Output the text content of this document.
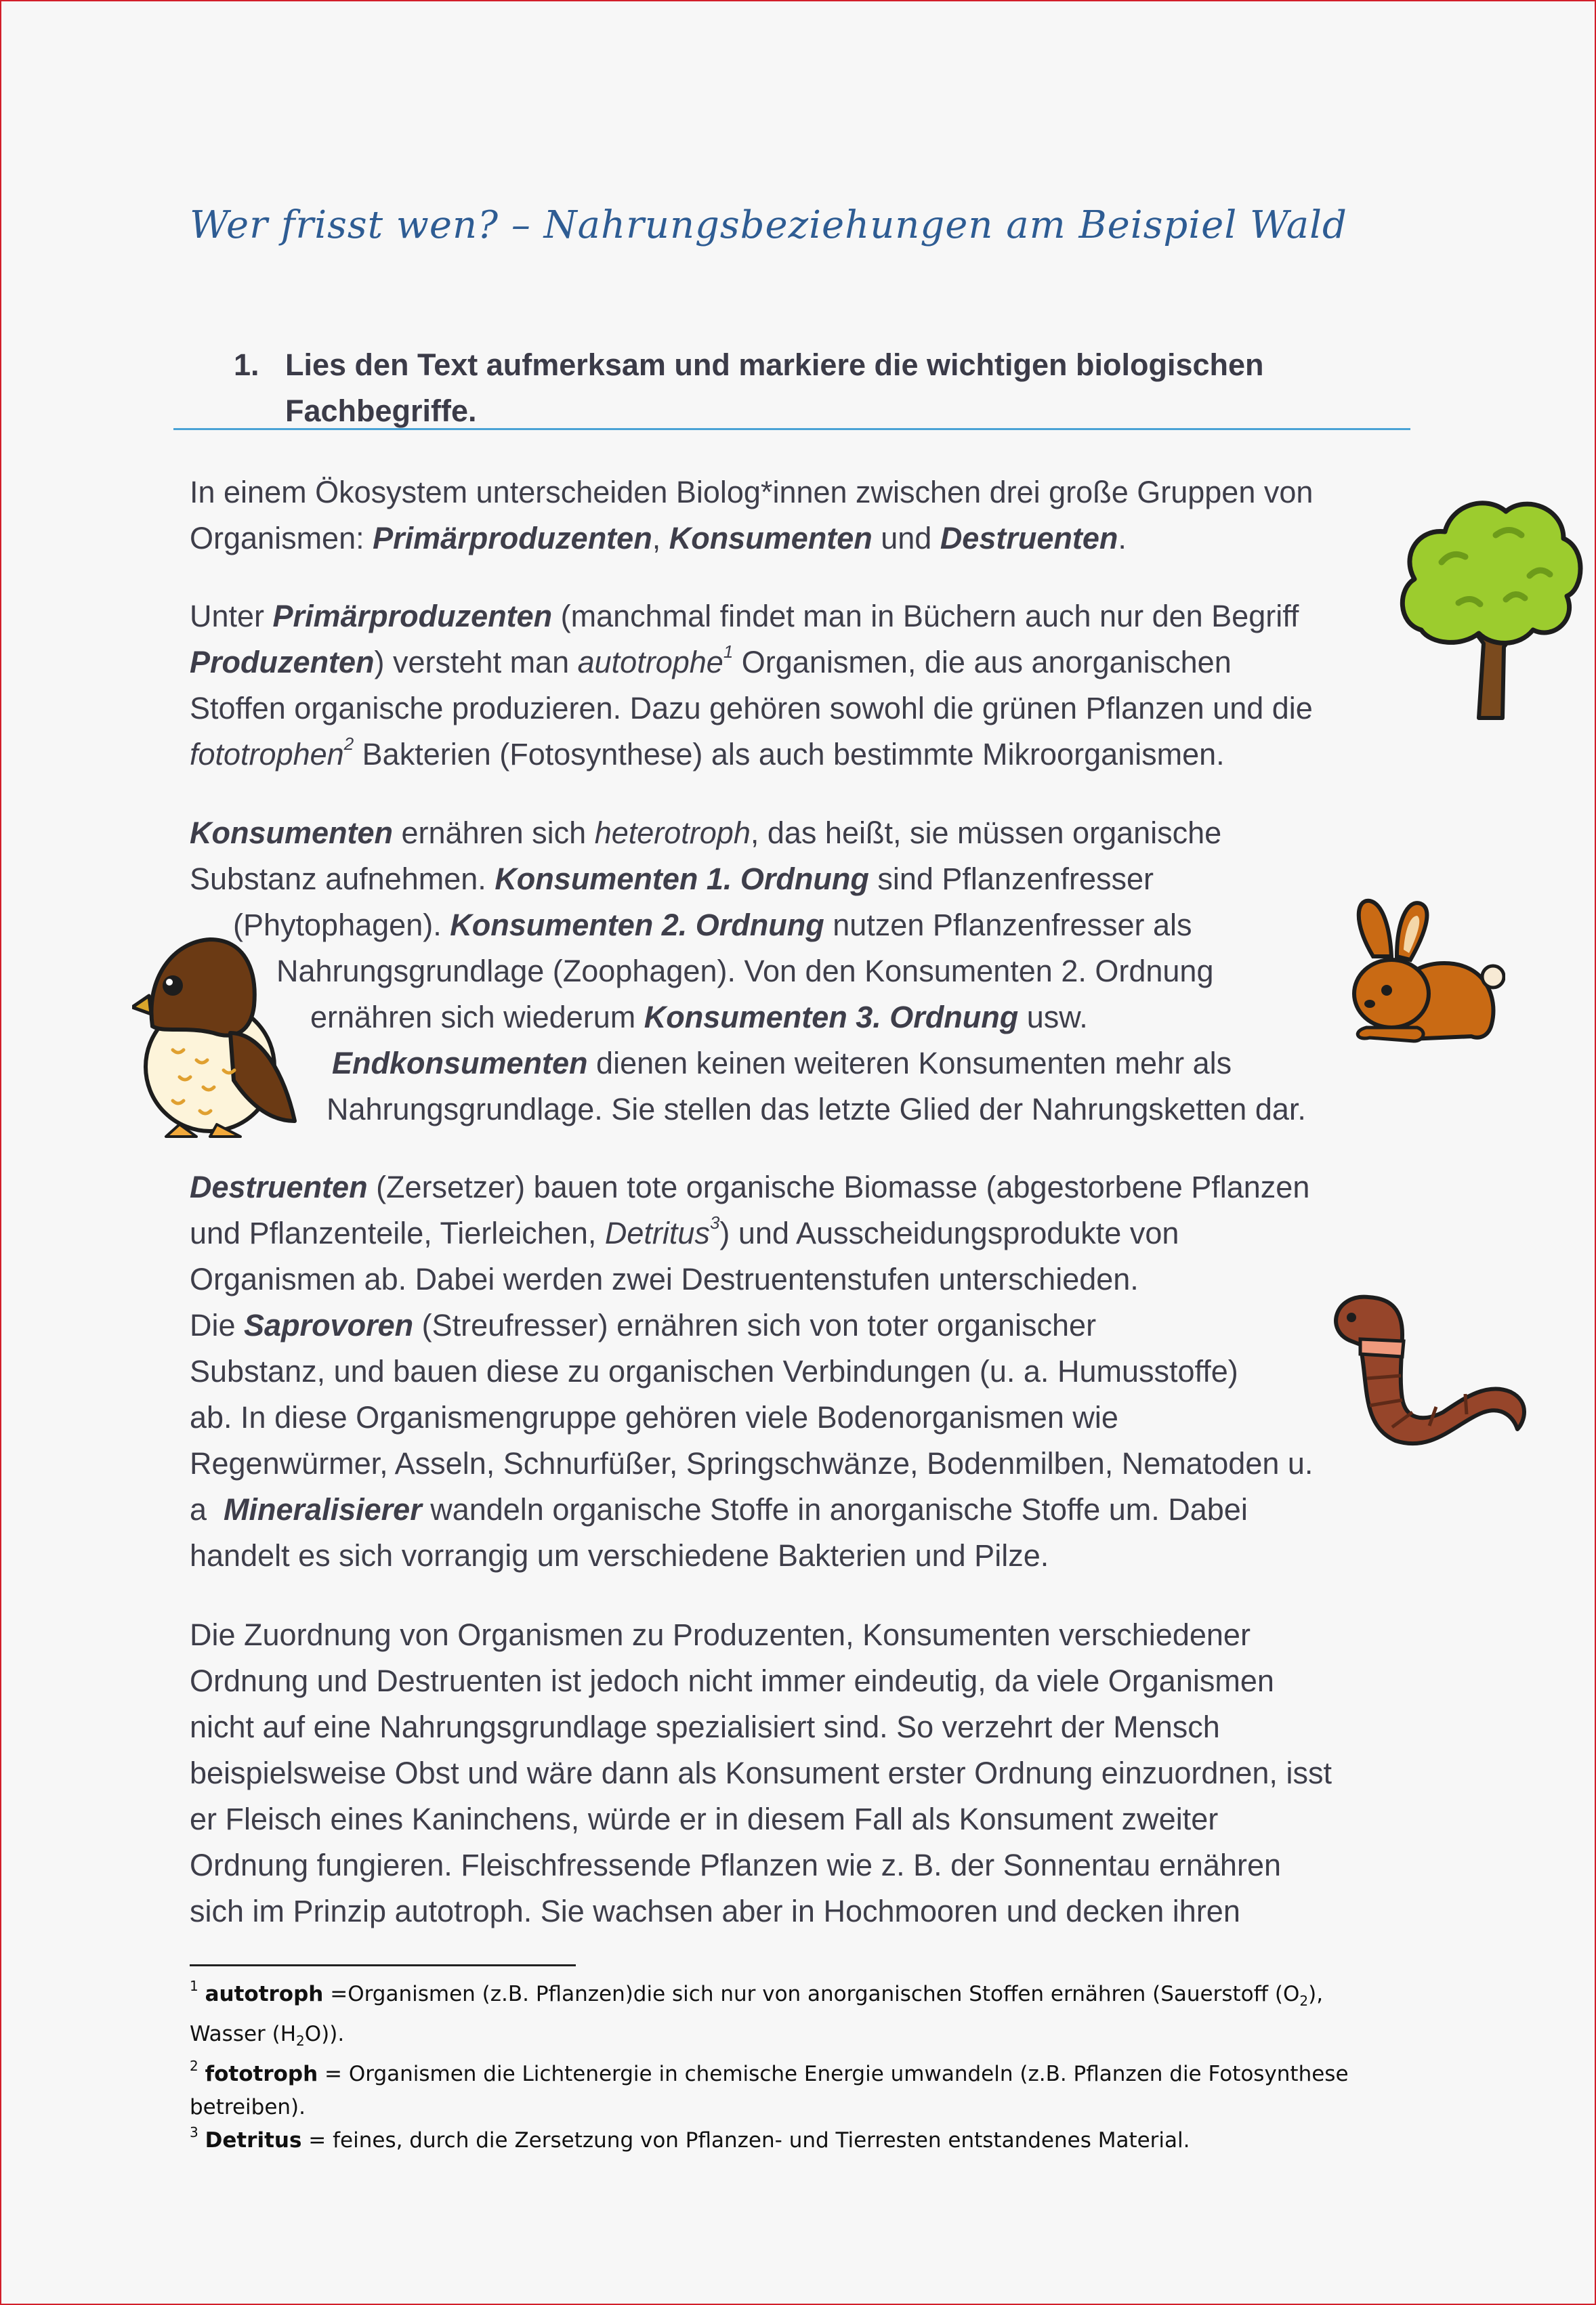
Wer frisst wen? – Nahrungsbeziehungen am Beispiel Wald
1. Lies den Text aufmerksam und markiere die wichtigen biologischen
Fachbegriffe.
In einem Ökosystem unterscheiden Biolog*innen zwischen drei große Gruppen von
Organismen: Primärproduzenten, Konsumenten und Destruenten.
Unter Primärproduzenten (manchmal findet man in Büchern auch nur den Begriff
Produzenten) versteht man autotrophe$^1$ Organismen, die aus anorganischen
Stoffen organische produzieren. Dazu gehören sowohl die grünen Pflanzen und die
fototrophen$^2$ Bakterien (Fotosynthese) als auch bestimmte Mikroorganismen.
Konsumenten ernähren sich heterotroph, das heißt, sie müssen organische
Substanz aufnehmen. Konsumenten 1. Ordnung sind Pflanzenfresser
(Phytophagen). Konsumenten 2. Ordnung nutzen Pflanzenfresser als
Nahrungsgrundlage (Zoophagen). Von den Konsumenten 2. Ordnung
ernähren sich wiederum Konsumenten 3. Ordnung usw.
Endkonsumenten dienen keinen weiteren Konsumenten mehr als
Nahrungsgrundlage. Sie stellen das letzte Glied der Nahrungsketten dar.
Destruenten (Zersetzer) bauen tote organische Biomasse (abgestorbene Pflanzen
und Pflanzenteile, Tierleichen, Detritus$^3$) und Ausscheidungsprodukte von
Organismen ab. Dabei werden zwei Destruentenstufen unterschieden.
Die Saprovoren (Streufresser) ernähren sich von toter organischer
Substanz, und bauen diese zu organischen Verbindungen (u. a. Humusstoffe)
ab. In diese Organismengruppe gehören viele Bodenorganismen wie
Regenwürmer, Asseln, Schnurfüßer, Springschwänze, Bodenmilben, Nematoden u.
a  Mineralisierer wandeln organische Stoffe in anorganische Stoffe um. Dabei
handelt es sich vorrangig um verschiedene Bakterien und Pilze.
Die Zuordnung von Organismen zu Produzenten, Konsumenten verschiedener
Ordnung und Destruenten ist jedoch nicht immer eindeutig, da viele Organismen
nicht auf eine Nahrungsgrundlage spezialisiert sind. So verzehrt der Mensch
beispielsweise Obst und wäre dann als Konsument erster Ordnung einzuordnen, isst
er Fleisch eines Kaninchens, würde er in diesem Fall als Konsument zweiter
Ordnung fungieren. Fleischfressende Pflanzen wie z. B. der Sonnentau ernähren
sich im Prinzip autotroph. Sie wachsen aber in Hochmooren und decken ihren
$^1$ autotroph =Organismen (z.B. Pflanzen)die sich nur von anorganischen Stoffen ernähren (Sauerstoff $(O_2)$,
Wasser $(H_2O)$).
$^2$ fototroph = Organismen die Lichtenergie in chemische Energie umwandeln (z.B. Pflanzen die Fotosynthese
betreiben).
$^3$ Detritus = feines, durch die Zersetzung von Pflanzen- und Tierresten entstandenes Material.
